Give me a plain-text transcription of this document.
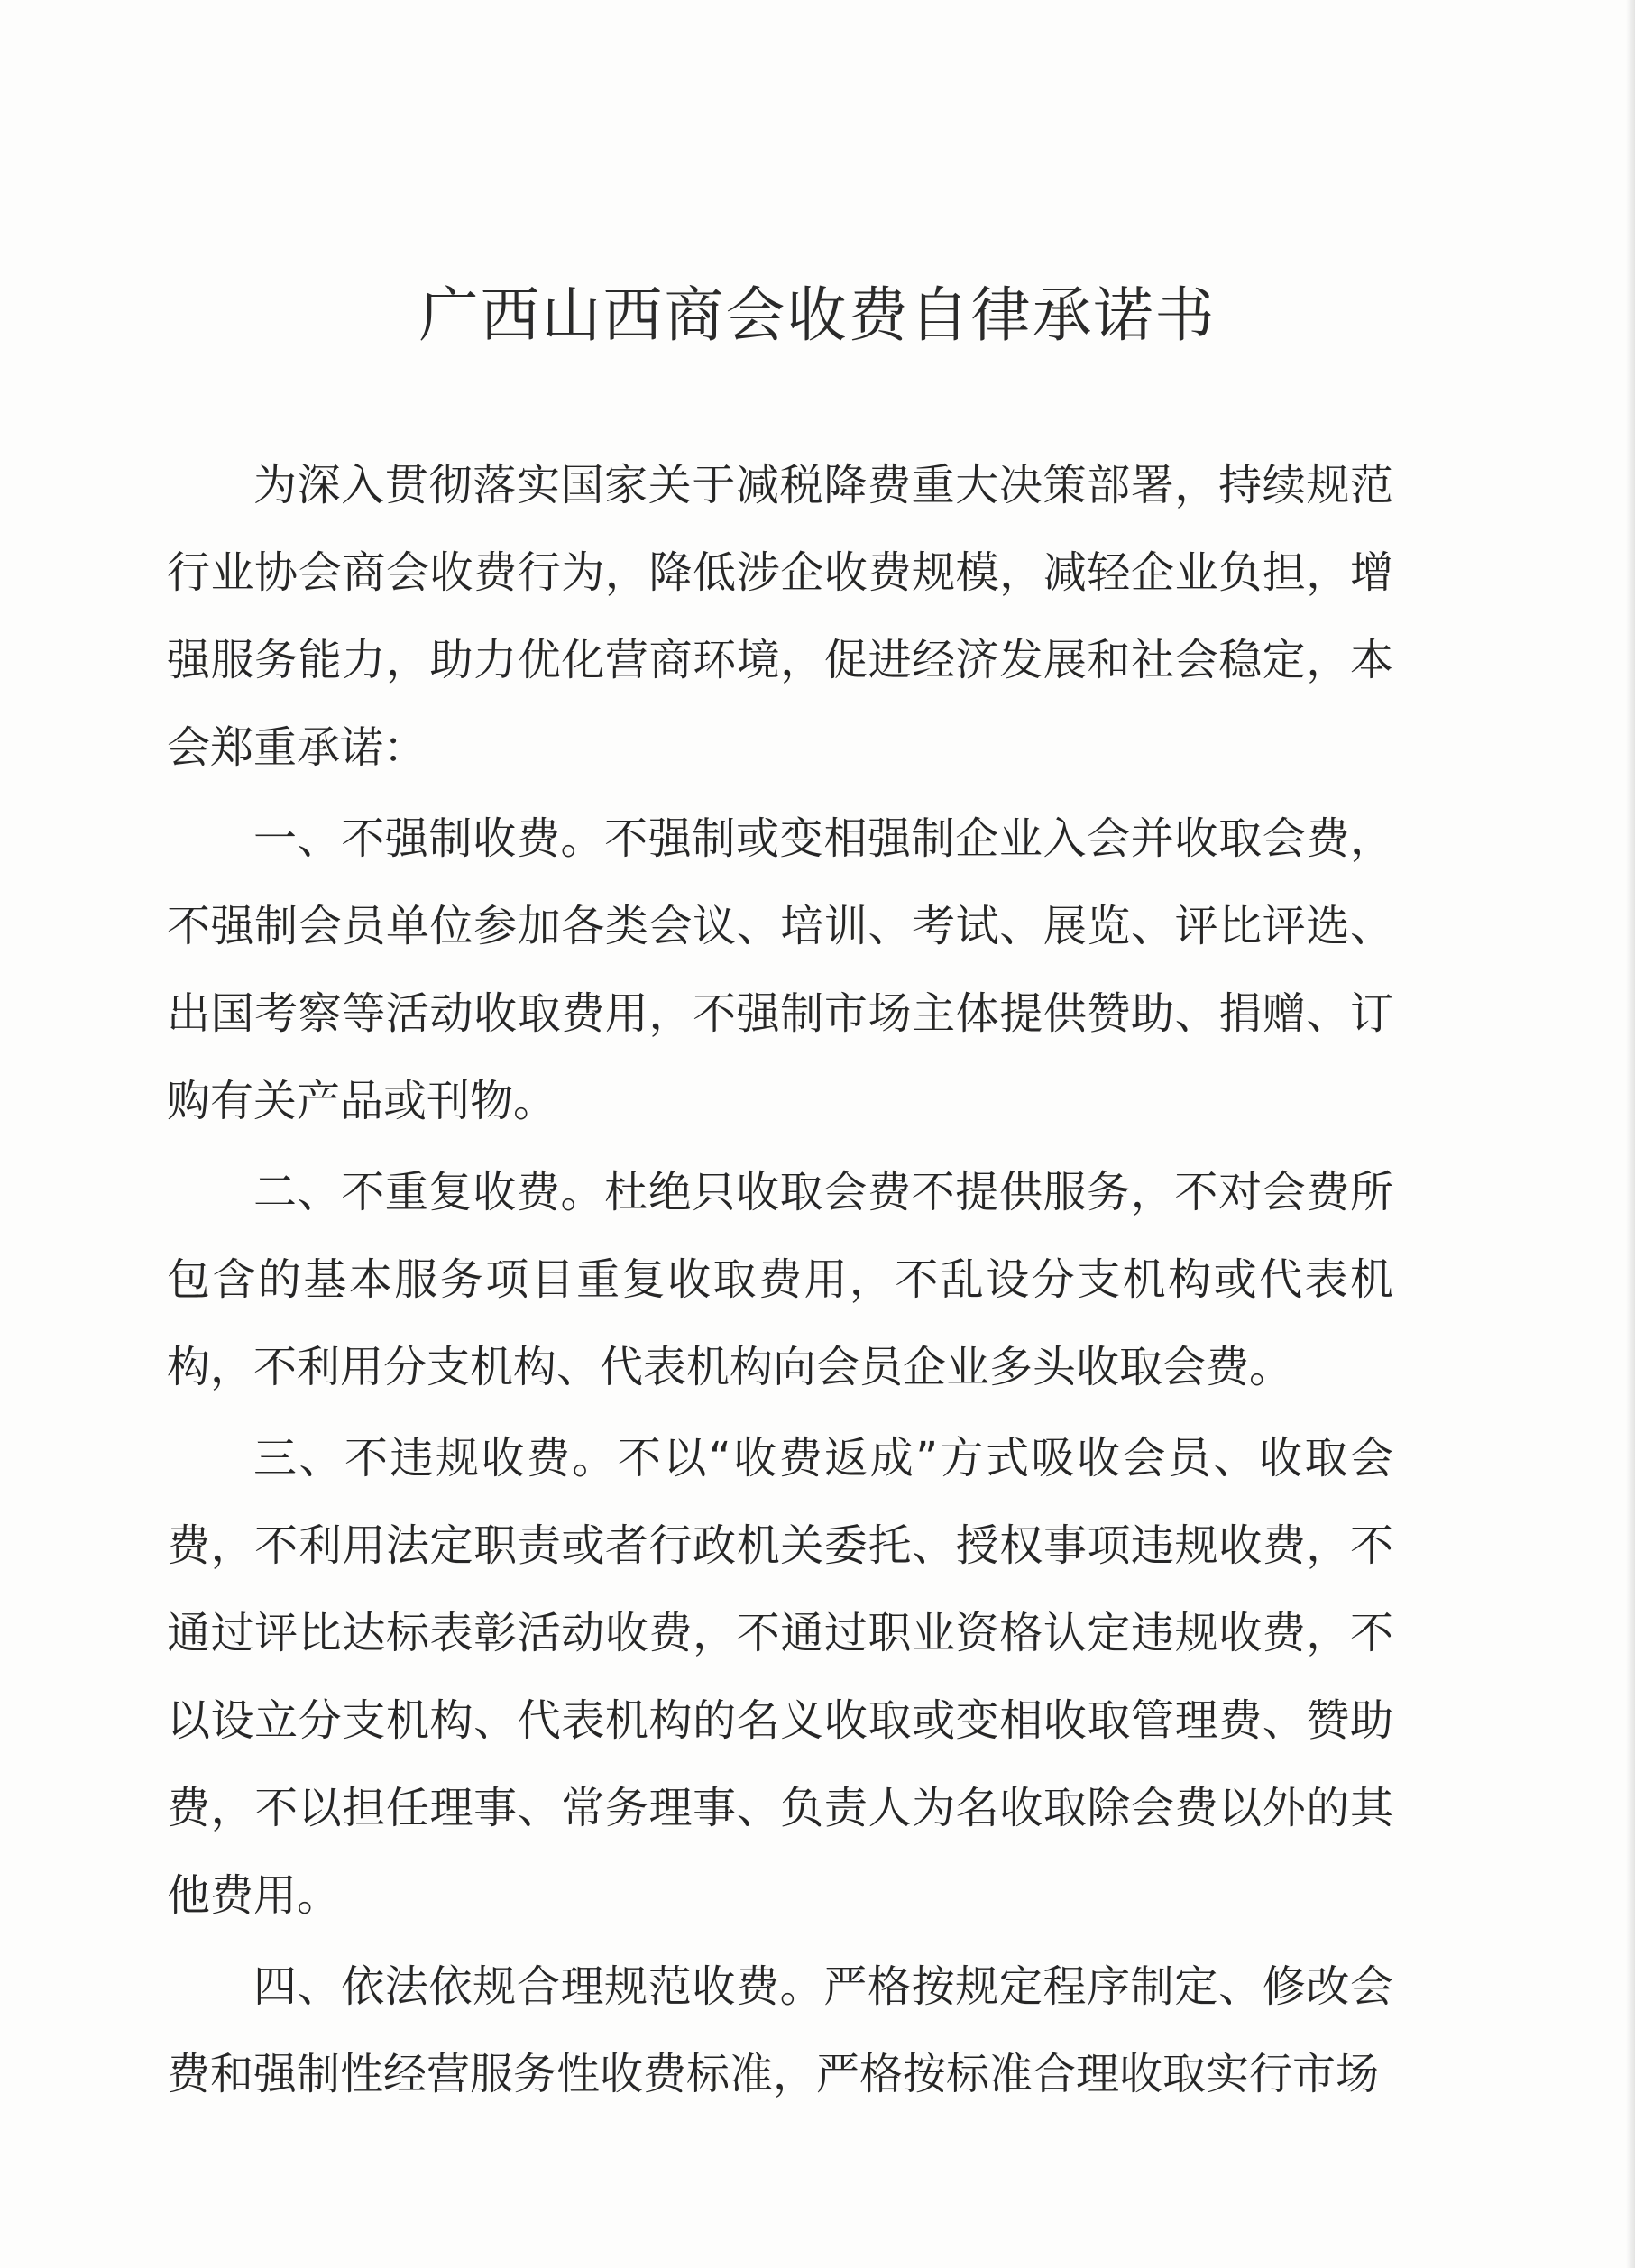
广西山西商会收费自律承诺书

为深入贯彻落实国家关于减税降费重大决策部署，持续规范行业协会商会收费行为，降低涉企收费规模，减轻企业负担，增强服务能力，助力优化营商环境，促进经济发展和社会稳定，本会郑重承诺：

一、不强制收费。不强制或变相强制企业入会并收取会费，不强制会员单位参加各类会议、培训、考试、展览、评比评选、出国考察等活动收取费用，不强制市场主体提供赞助、捐赠、订购有关产品或刊物。

二、不重复收费。杜绝只收取会费不提供服务，不对会费所包含的基本服务项目重复收取费用，不乱设分支机构或代表机构，不利用分支机构、代表机构向会员企业多头收取会费。

三、不违规收费。不以“收费返成”方式吸收会员、收取会费，不利用法定职责或者行政机关委托、授权事项违规收费，不通过评比达标表彰活动收费，不通过职业资格认定违规收费，不以设立分支机构、代表机构的名义收取或变相收取管理费、赞助费，不以担任理事、常务理事、负责人为名收取除会费以外的其他费用。

四、依法依规合理规范收费。严格按规定程序制定、修改会费和强制性经营服务性收费标准，严格按标准合理收取实行市场
